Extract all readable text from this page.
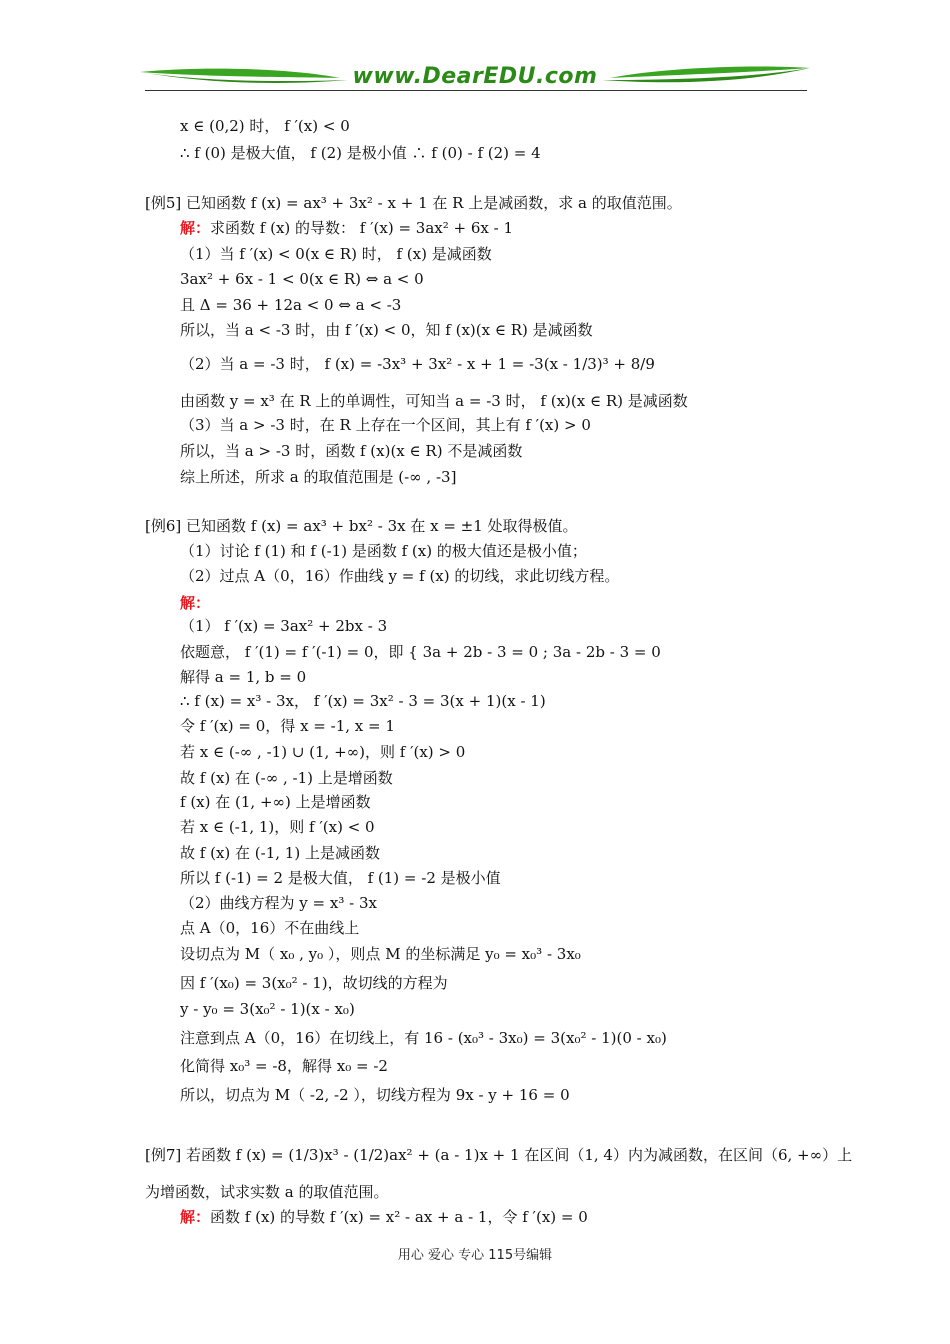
www.DearEDU.com
x ∈ (0,2) 时， f ′(x) < 0
∴ f (0) 是极大值， f (2) 是极小值 ∴ f (0) - f (2) = 4
[例5] 已知函数 f (x) = ax³ + 3x² - x + 1 在 R 上是减函数，求 a 的取值范围。
解：求函数 f (x) 的导数： f ′(x) = 3ax² + 6x - 1
（1）当 f ′(x) < 0(x ∈ R) 时， f (x) 是减函数
3ax² + 6x - 1 < 0(x ∈ R) ⇔ a < 0
且 Δ = 36 + 12a < 0 ⇔ a < -3
所以，当 a < -3 时，由 f ′(x) < 0，知 f (x)(x ∈ R) 是减函数
（2）当 a = -3 时， f (x) = -3x³ + 3x² - x + 1 = -3(x - 1/3)³ + 8/9
由函数 y = x³ 在 R 上的单调性，可知当 a = -3 时， f (x)(x ∈ R) 是减函数
（3）当 a > -3 时，在 R 上存在一个区间，其上有 f ′(x) > 0
所以，当 a > -3 时，函数 f (x)(x ∈ R) 不是减函数
综上所述，所求 a 的取值范围是 (-∞ , -3]
[例6] 已知函数 f (x) = ax³ + bx² - 3x 在 x = ±1 处取得极值。
（1）讨论 f (1) 和 f (-1) 是函数 f (x) 的极大值还是极小值；
（2）过点 A（0，16）作曲线 y = f (x) 的切线，求此切线方程。
解：
（1） f ′(x) = 3ax² + 2bx - 3
依题意， f ′(1) = f ′(-1) = 0，即 { 3a + 2b - 3 = 0 ; 3a - 2b - 3 = 0
解得 a = 1, b = 0
∴ f (x) = x³ - 3x， f ′(x) = 3x² - 3 = 3(x + 1)(x - 1)
令 f ′(x) = 0，得 x = -1, x = 1
若 x ∈ (-∞ , -1) ∪ (1, +∞)，则 f ′(x) > 0
故 f (x) 在 (-∞ , -1) 上是增函数
f (x) 在 (1, +∞) 上是增函数
若 x ∈ (-1, 1)，则 f ′(x) < 0
故 f (x) 在 (-1, 1) 上是减函数
所以 f (-1) = 2 是极大值， f (1) = -2 是极小值
（2）曲线方程为 y = x³ - 3x
点 A（0，16）不在曲线上
设切点为 M（ x₀ , y₀ ），则点 M 的坐标满足 y₀ = x₀³ - 3x₀
因 f ′(x₀) = 3(x₀² - 1)，故切线的方程为
y - y₀ = 3(x₀² - 1)(x - x₀)
注意到点 A（0，16）在切线上，有 16 - (x₀³ - 3x₀) = 3(x₀² - 1)(0 - x₀)
化简得 x₀³ = -8，解得 x₀ = -2
所以，切点为 M（ -2, -2 ），切线方程为 9x - y + 16 = 0
[例7] 若函数 f (x) = (1/3)x³ - (1/2)ax² + (a - 1)x + 1 在区间（1, 4）内为减函数，在区间（6, +∞）上
为增函数，试求实数 a 的取值范围。
解：函数 f (x) 的导数 f ′(x) = x² - ax + a - 1，令 f ′(x) = 0
用心 爱心 专心 115号编辑
